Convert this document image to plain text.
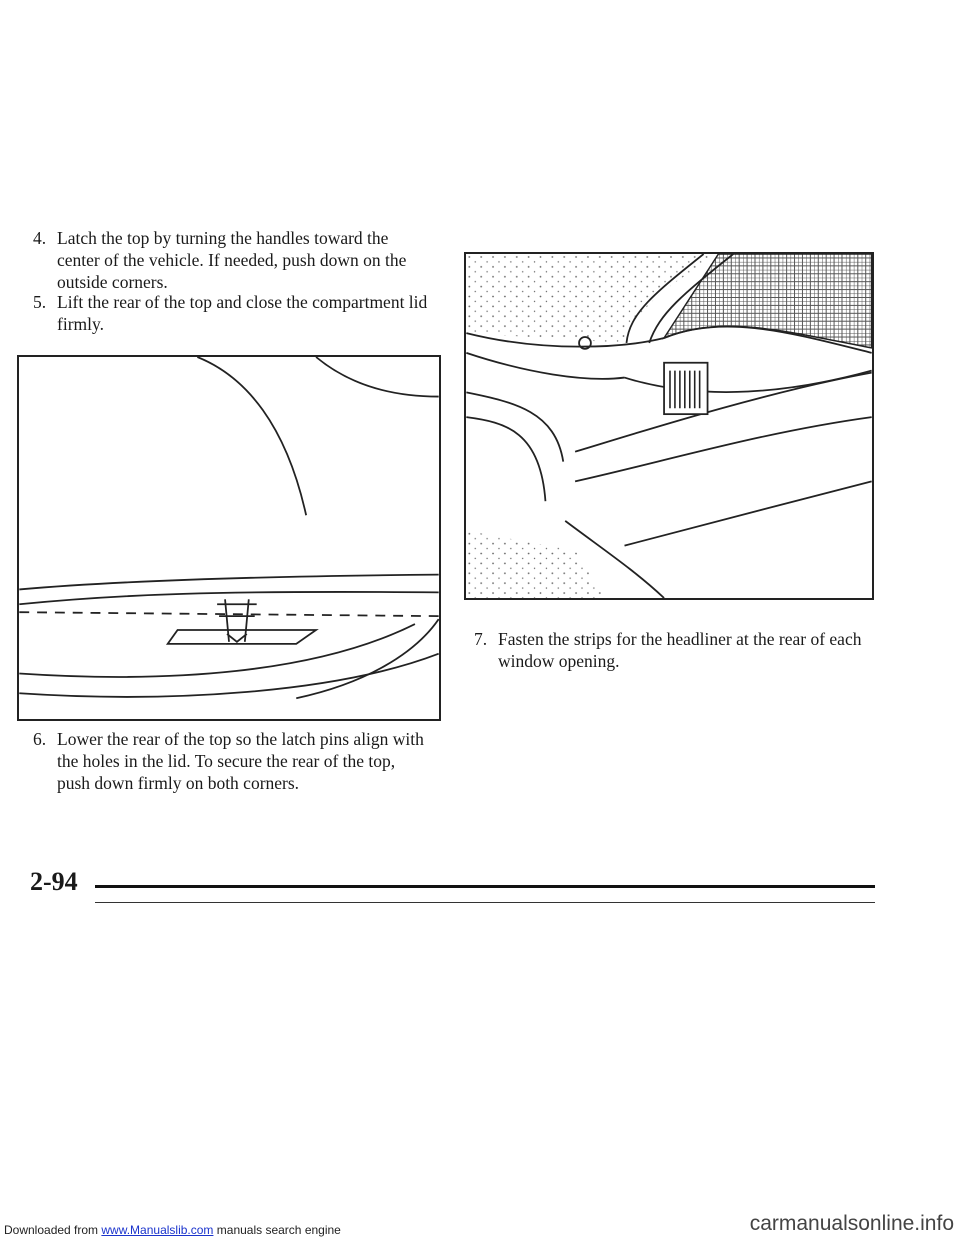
4. Latch the top by turning the handles toward the
center of the vehicle. If needed, push down on the
outside corners.
5. Lift the rear of the top and close the compartment lid
firmly.
6. Lower the rear of the top so the latch pins align with
the holes in the lid. To secure the rear of the top,
push down firmly on both corners.
7. Fasten the strips for the headliner at the rear of each
window opening.
2-94
Downloaded from www.Manualslib.com manuals search engine	carmanualsonline.info
